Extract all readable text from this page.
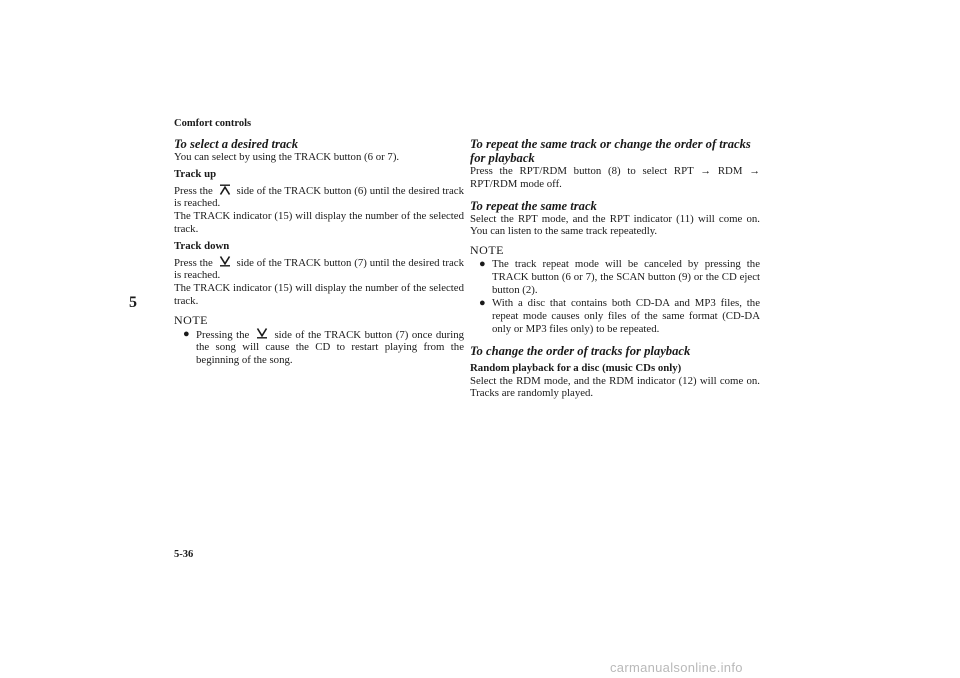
Comfort controls
5
5-36
To select a desired track

You can select by using the TRACK button (6 or 7).

Track up

Press the side of the TRACK button (6) until the desired track is reached.

The TRACK indicator (15) will display the number of the selected track.

Track down

Press the side of the TRACK button (7) until the desired track is reached.

The TRACK indicator (15) will display the number of the selected track.

NOTE
● Pressing the side of the TRACK button (7) once during the song will cause the CD to restart playing from the beginning of the song.
To repeat the same track or change the order of tracks for playback

Press the RPT/RDM button (8) to select RPT → RDM → RPT/RDM mode off.

To repeat the same track

Select the RPT mode, and the RPT indicator (11) will come on. You can listen to the same track repeatedly.

NOTE
● The track repeat mode will be canceled by pressing the TRACK button (6 or 7), the SCAN button (9) or the CD eject button (2).
● With a disc that contains both CD-DA and MP3 files, the repeat mode causes only files of the same format (CD-DA only or MP3 files only) to be repeated.
To change the order of tracks for playback
Random playback for a disc (music CDs only)

Select the RDM mode, and the RDM indicator (12) will come on. Tracks are randomly played.

carmanualsonline.info
